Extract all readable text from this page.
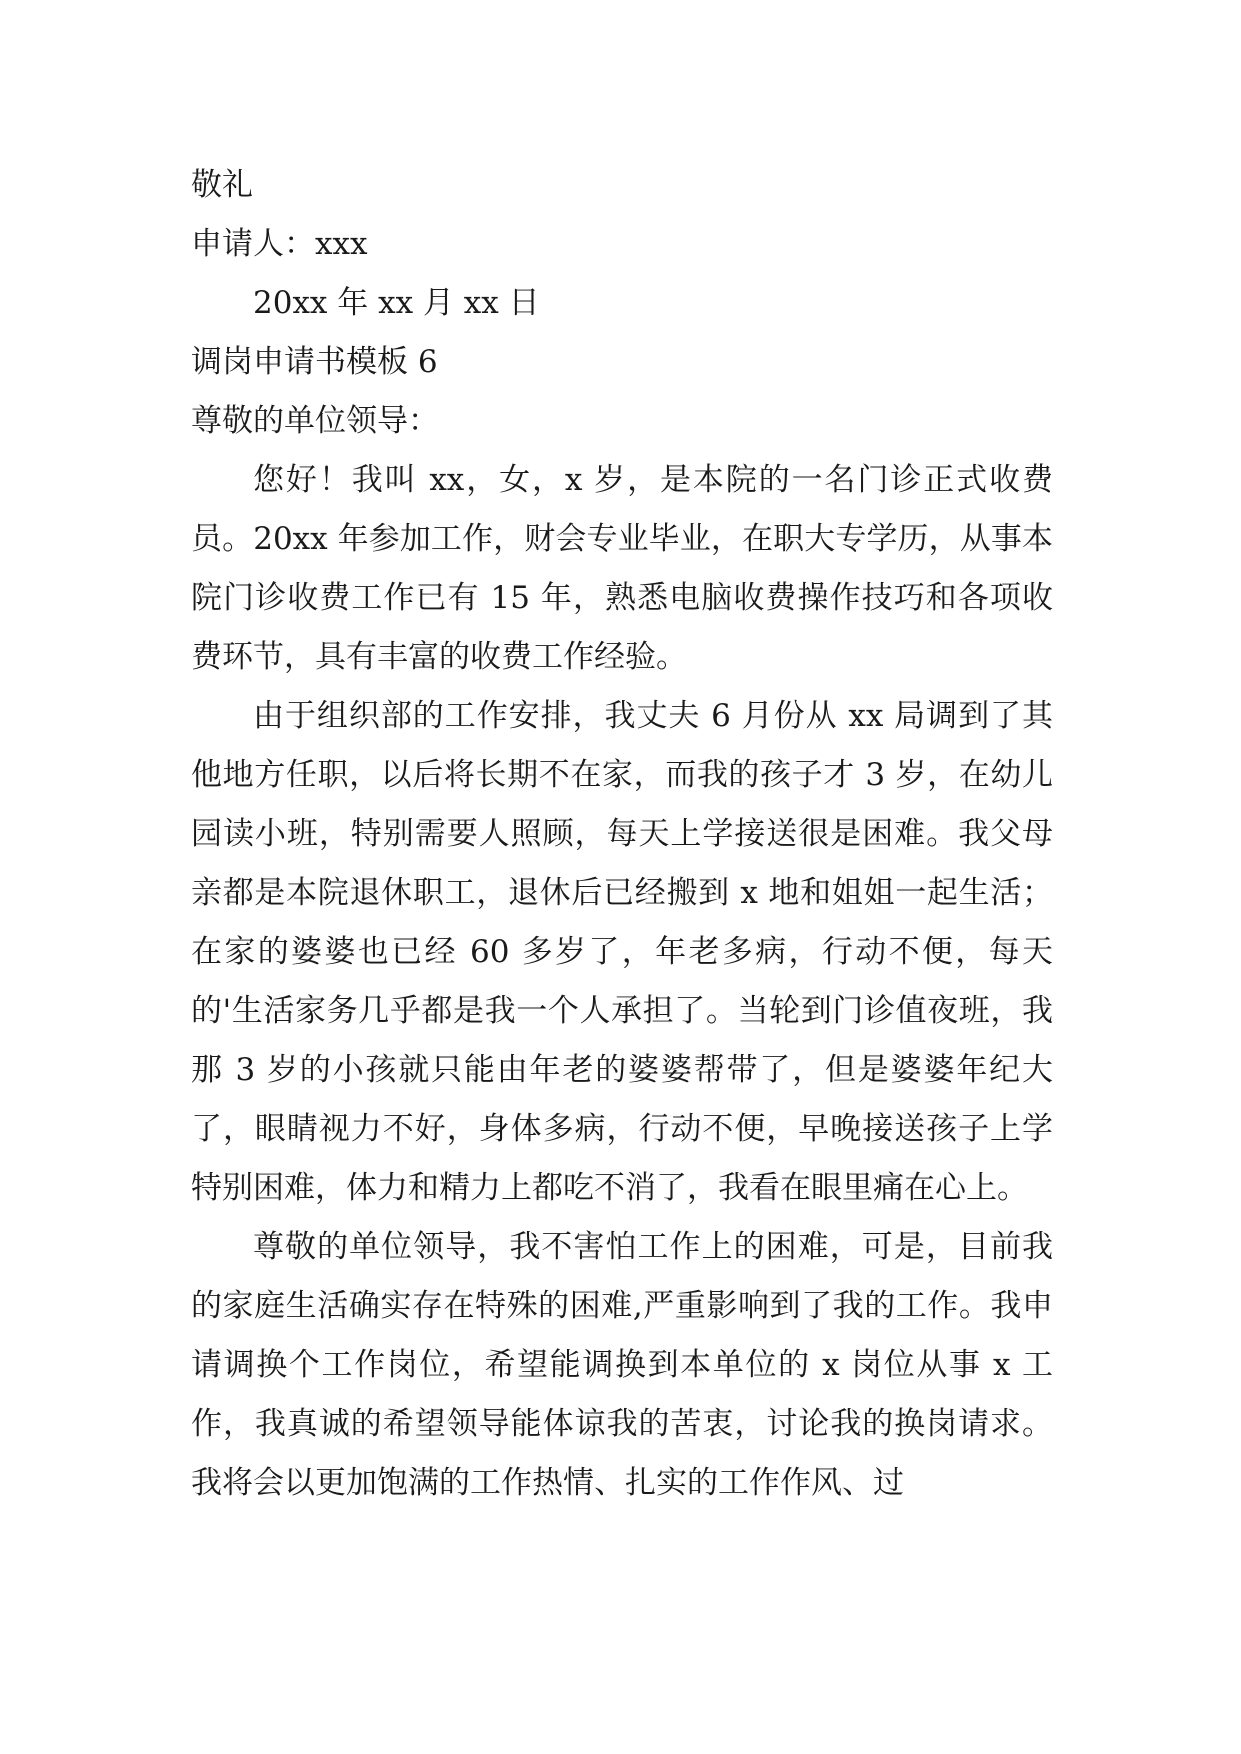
敬礼

申请人：xxx

20xx 年 xx 月 xx 日

调岗申请书模板 6

尊敬的单位领导：

您好！我叫 xx，女，x 岁，是本院的一名门诊正式收费员。20xx 年参加工作，财会专业毕业，在职大专学历，从事本院门诊收费工作已有 15 年，熟悉电脑收费操作技巧和各项收费环节，具有丰富的收费工作经验。

由于组织部的工作安排，我丈夫 6 月份从 xx 局调到了其他地方任职，以后将长期不在家，而我的孩子才 3 岁，在幼儿园读小班，特别需要人照顾，每天上学接送很是困难。我父母亲都是本院退休职工，退休后已经搬到 x 地和姐姐一起生活；在家的婆婆也已经 60 多岁了，年老多病，行动不便，每天的'生活家务几乎都是我一个人承担了。当轮到门诊值夜班，我那 3 岁的小孩就只能由年老的婆婆帮带了，但是婆婆年纪大了，眼睛视力不好，身体多病，行动不便，早晚接送孩子上学特别困难，体力和精力上都吃不消了，我看在眼里痛在心上。

尊敬的单位领导，我不害怕工作上的困难，可是，目前我的家庭生活确实存在特殊的困难,严重影响到了我的工作。我申请调换个工作岗位，希望能调换到本单位的 x 岗位从事 x 工作，我真诚的希望领导能体谅我的苦衷，讨论我的换岗请求。我将会以更加饱满的工作热情、扎实的工作作风、过
